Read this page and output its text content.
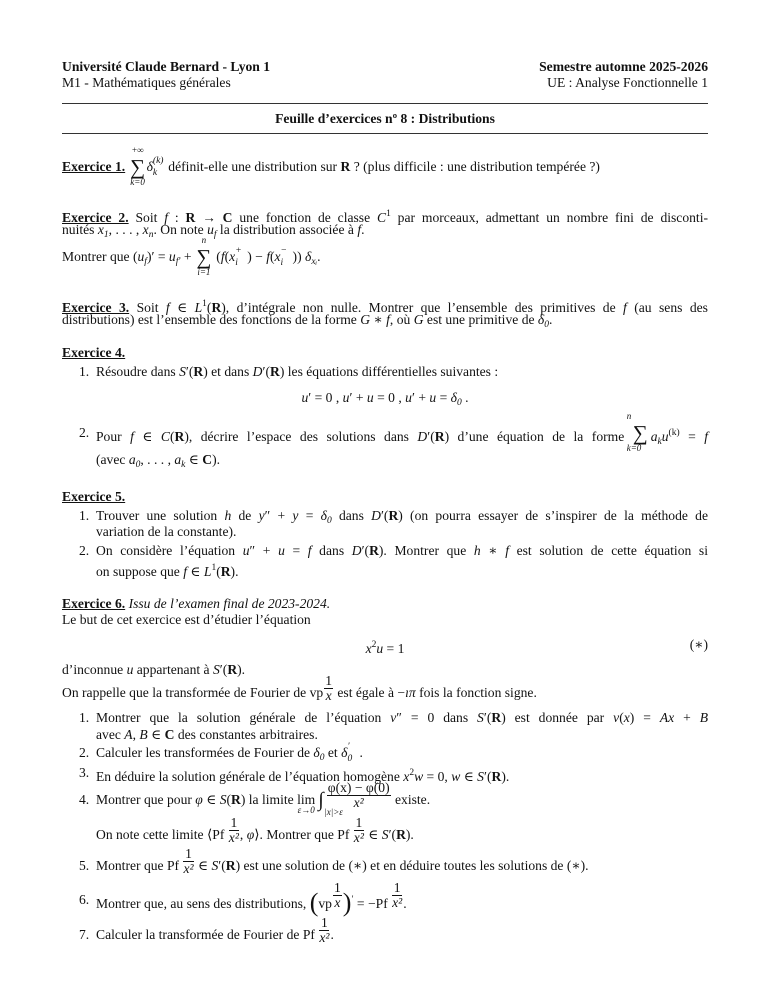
Université Claude Bernard - Lyon 1
M1 - Mathématiques générales
Semestre automne 2025-2026
UE : Analyse Fonctionnelle 1
Feuille d’exercices nº 8 : Distributions
(∗)
Exercice 1. ∑
+∞
k=0
δ (k)
k définit-elle une distribution sur R ? (plus difficile : une distribution tempérée ?)
Exercice 2. Soit f : R → C une fonction de classe $C^1$ par morceaux, admettant un nombre fini de disconti-
nuités $x_1$, . . . , $x_n$. On note $u_f$ la distribution associée à f.
Montrer que $(u_f)' = u_{f'}$ + ∑
n
i=1
(f(x +
i ) − f(x −
i )) $\delta_{xᵢ}$.
Exercice 3. Soit f ∈ $L^1(R)$, d’intégrale non nulle. Montrer que l’ensemble des primitives de f (au sens des
distributions) est l’ensemble des fonctions de la forme G ∗ f, où G est une primitive de $\delta_0$.
Exercice 4.
1. Résoudre dans S′(R) et dans D′(R) les équations différentielles suivantes :
u′ = 0 , u′ + u = 0 , $u' + u = \delta_0$ .
2. Pour f ∈ C(R), décrire l’espace des solutions dans D′(R) d’une équation de la forme ∑
n
k=0
$a_ku^{(k)} = f$
(avec $a_0$, . . . , $a_k$ ∈ C).
Exercice 5.
1. Trouver une solution h de $y'' + y = \delta_0$ dans D′(R) (on pourra essayer de s’inspirer de la méthode de
variation de la constante).
2. On considère l’équation u″ + u = f dans D′(R). Montrer que h ∗ f est solution de cette équation si
on suppose que f ∈ $L^1(R)$.
Exercice 6. Issu de l’examen final de 2023-2024.
Le but de cet exercice est d’étudier l’équation
$x^2u = 1$
d’inconnue u appartenant à S′(R).
On rappelle que la transformée de Fourier de vp $\frac{1}{x}$ est égale à −ıπ fois la fonction signe.
1. Montrer que la solution générale de l’équation v″ = 0 dans S′(R) est donnée par v(x) = Ax + B
avec A, B ∈ C des constantes arbitraires.
2. Calculer les transformées de Fourier de $\delta_0$ et δ ′
0 .
3. En déduire la solution générale de l’équation homogène $x^2w = 0$, w ∈ S′(R).
4. Montrer que pour φ ∈ S(R) la limite lim
ε→0 ∫
|x|>ε
$\frac{\varphi(x) - \varphi(0)}{\text{x²}}$ existe.
On note cette limite ⟨Pf $\frac{1}{\text{x²}}$ , φ⟩. Montrer que Pf $\frac{1}{\text{x²}}$ ∈ S′(R).
5. Montrer que Pf $\frac{1}{\text{x²}}$ ∈ S′(R) est une solution de (∗) et en déduire toutes les solutions de (∗).
6. Montrer que, au sens des distributions, $(vp \frac{1}{x} )' = -Pf \frac{1}{\text{x²}}$ .
7. Calculer la transformée de Fourier de Pf $\frac{1}{\text{x²}}$ .
